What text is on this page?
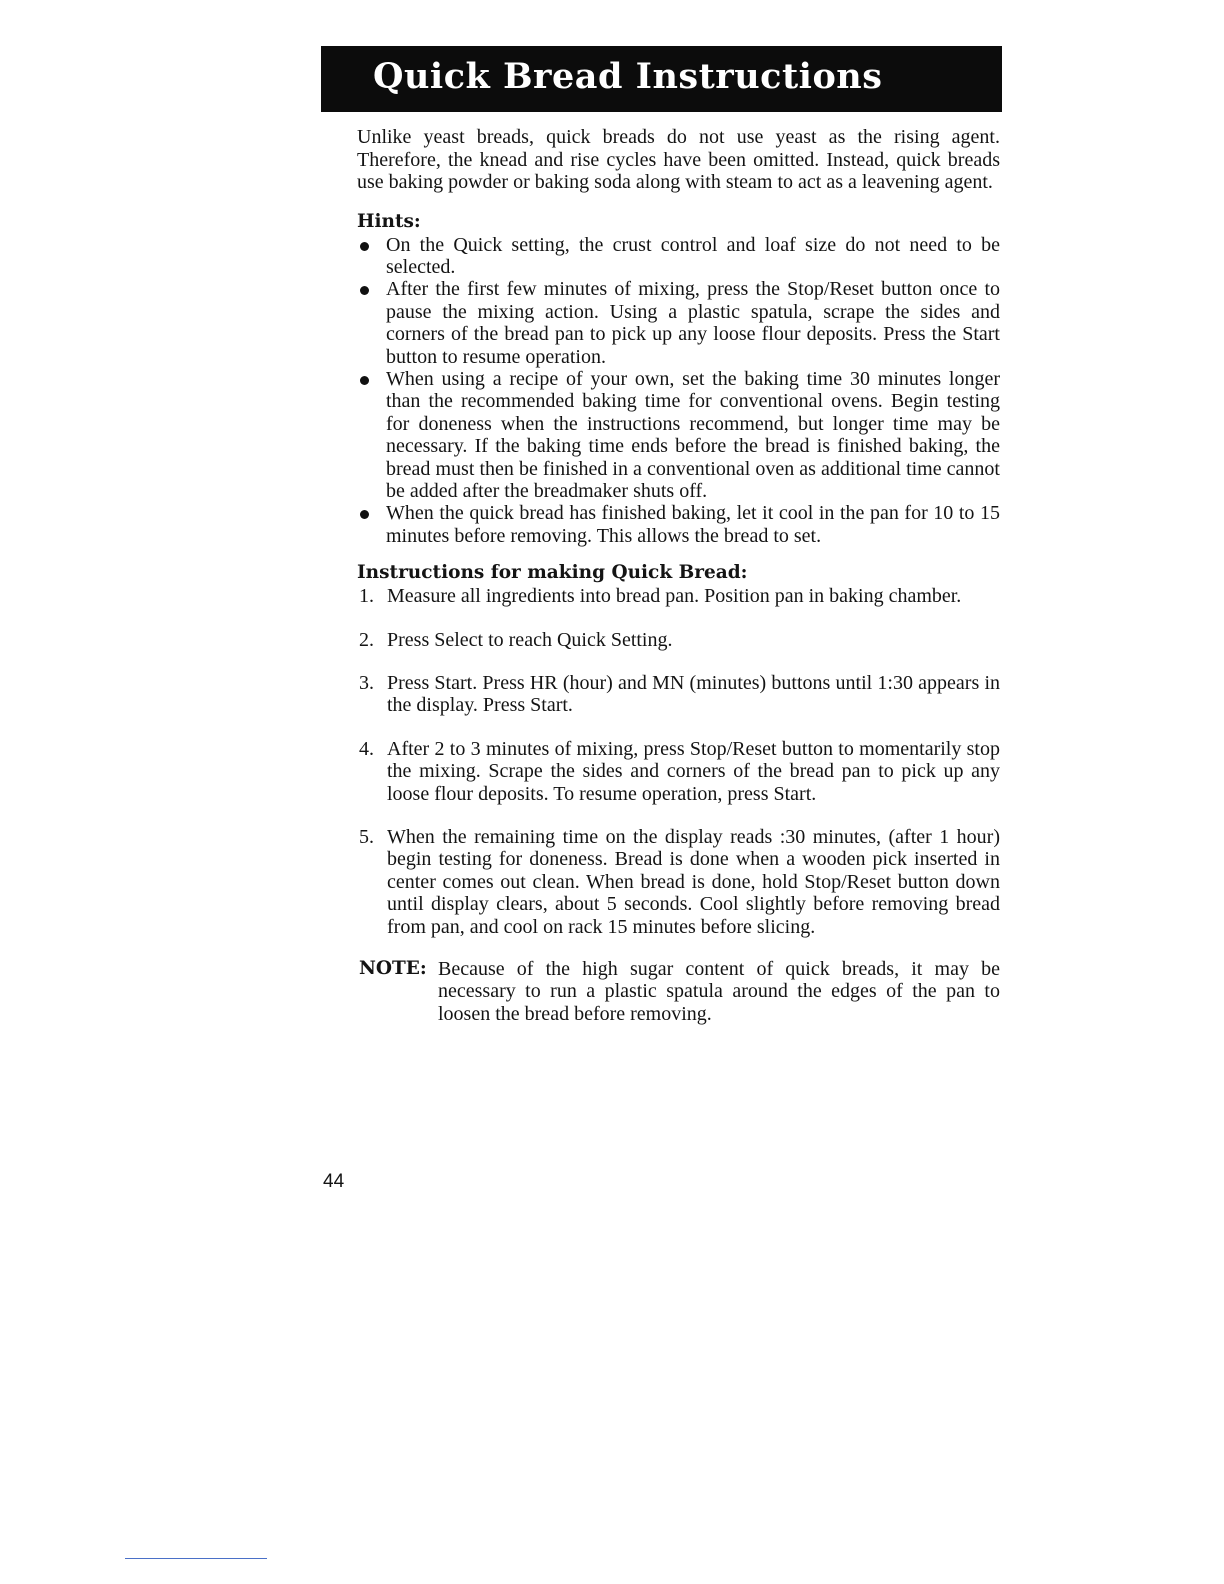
Quick Bread Instructions

Unlike yeast breads, quick breads do not use yeast as the rising agent. Therefore, the knead and rise cycles have been omitted. Instead, quick breads use baking powder or baking soda along with steam to act as a leavening agent.

Hints:
On the Quick setting, the crust control and loaf size do not need to be selected.
After the first few minutes of mixing, press the Stop/Reset button once to pause the mixing action. Using a plastic spatula, scrape the sides and corners of the bread pan to pick up any loose flour deposits. Press the Start button to resume operation.
When using a recipe of your own, set the baking time 30 minutes longer than the recommended baking time for conventional ovens. Begin testing for doneness when the instructions recommend, but longer time may be necessary. If the baking time ends before the bread is finished baking, the bread must then be finished in a conventional oven as additional time cannot be added after the breadmaker shuts off.
When the quick bread has finished baking, let it cool in the pan for 10 to 15 minutes before removing. This allows the bread to set.
Instructions for making Quick Bread:
1. Measure all ingredients into bread pan. Position pan in baking chamber.
2. Press Select to reach Quick Setting.
3. Press Start. Press HR (hour) and MN (minutes) buttons until 1:30 appears in the display. Press Start.
4. After 2 to 3 minutes of mixing, press Stop/Reset button to momentarily stop the mixing. Scrape the sides and corners of the bread pan to pick up any loose flour deposits. To resume operation, press Start.
5. When the remaining time on the display reads :30 minutes, (after 1 hour) begin testing for doneness. Bread is done when a wooden pick inserted in center comes out clean. When bread is done, hold Stop/Reset button down until display clears, about 5 seconds. Cool slightly before removing bread from pan, and cool on rack 15 minutes before slicing.
NOTE: Because of the high sugar content of quick breads, it may be necessary to run a plastic spatula around the edges of the pan to loosen the bread before removing.
44
